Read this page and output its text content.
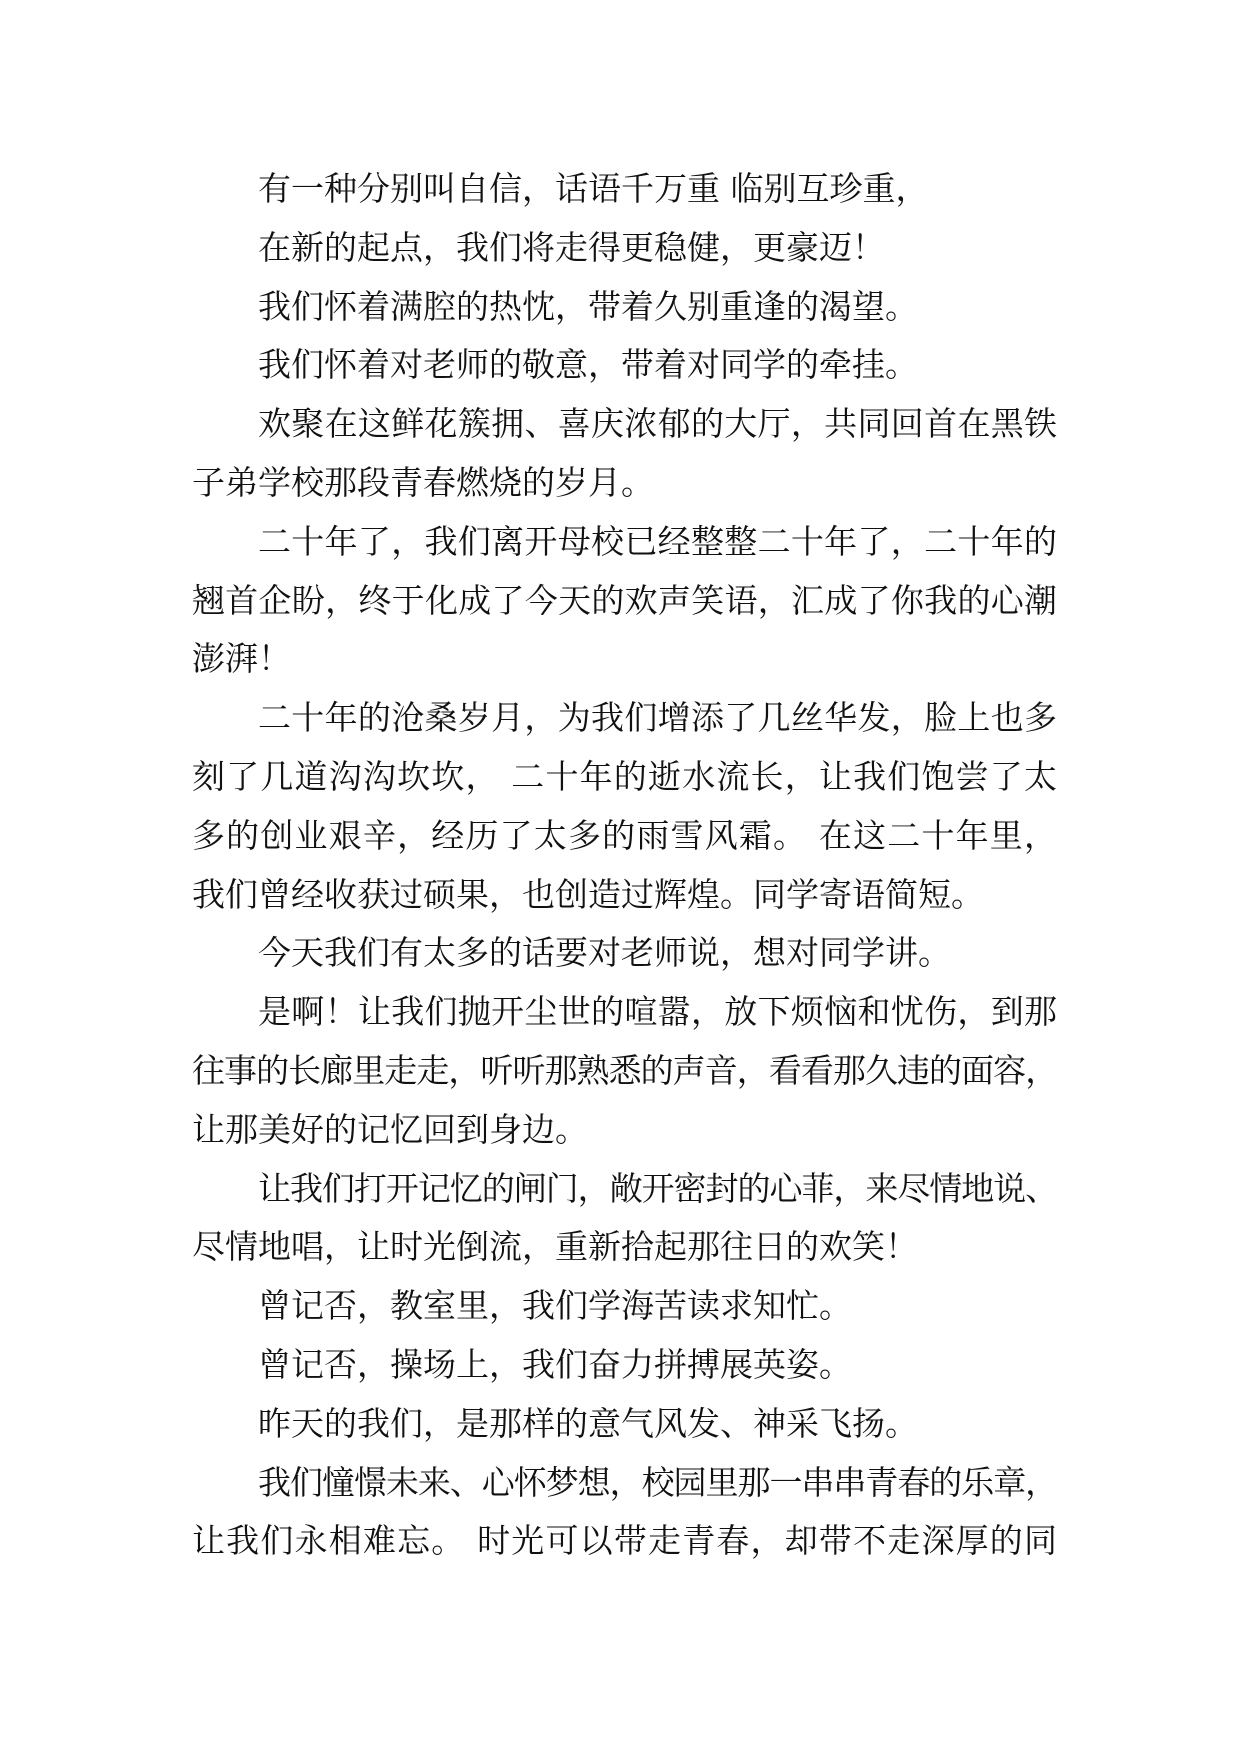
有一种分别叫自信，话语千万重 临别互珍重，

在新的起点，我们将走得更稳健，更豪迈！

我们怀着满腔的热忱，带着久别重逢的渴望。

我们怀着对老师的敬意，带着对同学的牵挂。

欢聚在这鲜花簇拥、喜庆浓郁的大厅，共同回首在黑铁
子弟学校那段青春燃烧的岁月。

二十年了，我们离开母校已经整整二十年了，二十年的
翘首企盼，终于化成了今天的欢声笑语，汇成了你我的心潮
澎湃！

二十年的沧桑岁月，为我们增添了几丝华发，脸上也多
刻了几道沟沟坎坎， 二十年的逝水流长，让我们饱尝了太
多的创业艰辛，经历了太多的雨雪风霜。 在这二十年里，
我们曾经收获过硕果，也创造过辉煌。同学寄语简短。

今天我们有太多的话要对老师说，想对同学讲。

是啊！让我们抛开尘世的喧嚣，放下烦恼和忧伤，到那
往事的长廊里走走，听听那熟悉的声音，看看那久违的面容，
让那美好的记忆回到身边。

让我们打开记忆的闸门，敞开密封的心菲，来尽情地说、
尽情地唱，让时光倒流，重新拾起那往日的欢笑！

曾记否，教室里，我们学海苦读求知忙。

曾记否，操场上，我们奋力拼搏展英姿。

昨天的我们，是那样的意气风发、神采飞扬。

我们憧憬未来、心怀梦想，校园里那一串串青春的乐章，
让我们永相难忘。 时光可以带走青春，却带不走深厚的同
